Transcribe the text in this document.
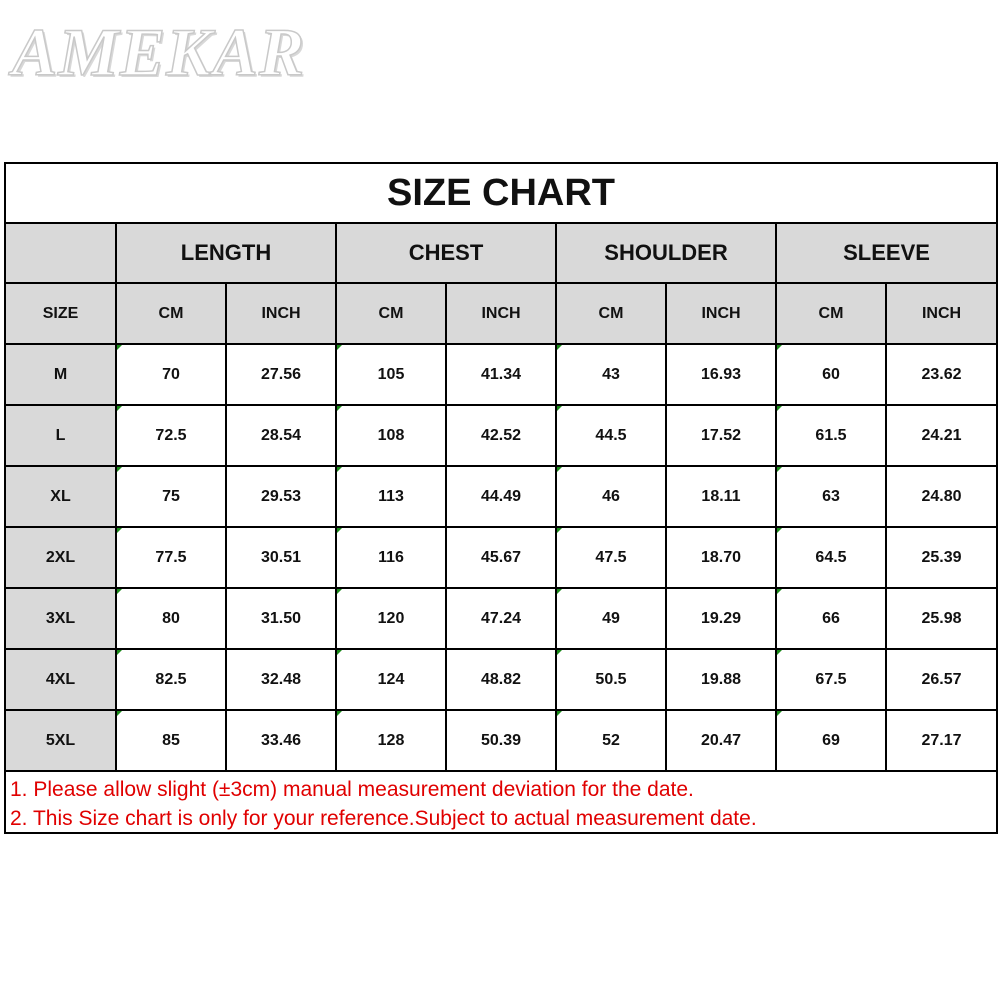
AMEKAR
SIZE CHART								
	LENGTH		CHEST		SHOULDER		SLEEVE	
SIZE	CM	INCH	CM	INCH	CM	INCH	CM	INCH
M	70	27.56	105	41.34	43	16.93	60	23.62
L	72.5	28.54	108	42.52	44.5	17.52	61.5	24.21
XL	75	29.53	113	44.49	46	18.11	63	24.80
2XL	77.5	30.51	116	45.67	47.5	18.70	64.5	25.39
3XL	80	31.50	120	47.24	49	19.29	66	25.98
4XL	82.5	32.48	124	48.82	50.5	19.88	67.5	26.57
5XL	85	33.46	128	50.39	52	20.47	69	27.17
1. Please allow slight (±3cm) manual measurement deviation for the date.
2. This Size chart is only for your reference.Subject to actual measurement date.
